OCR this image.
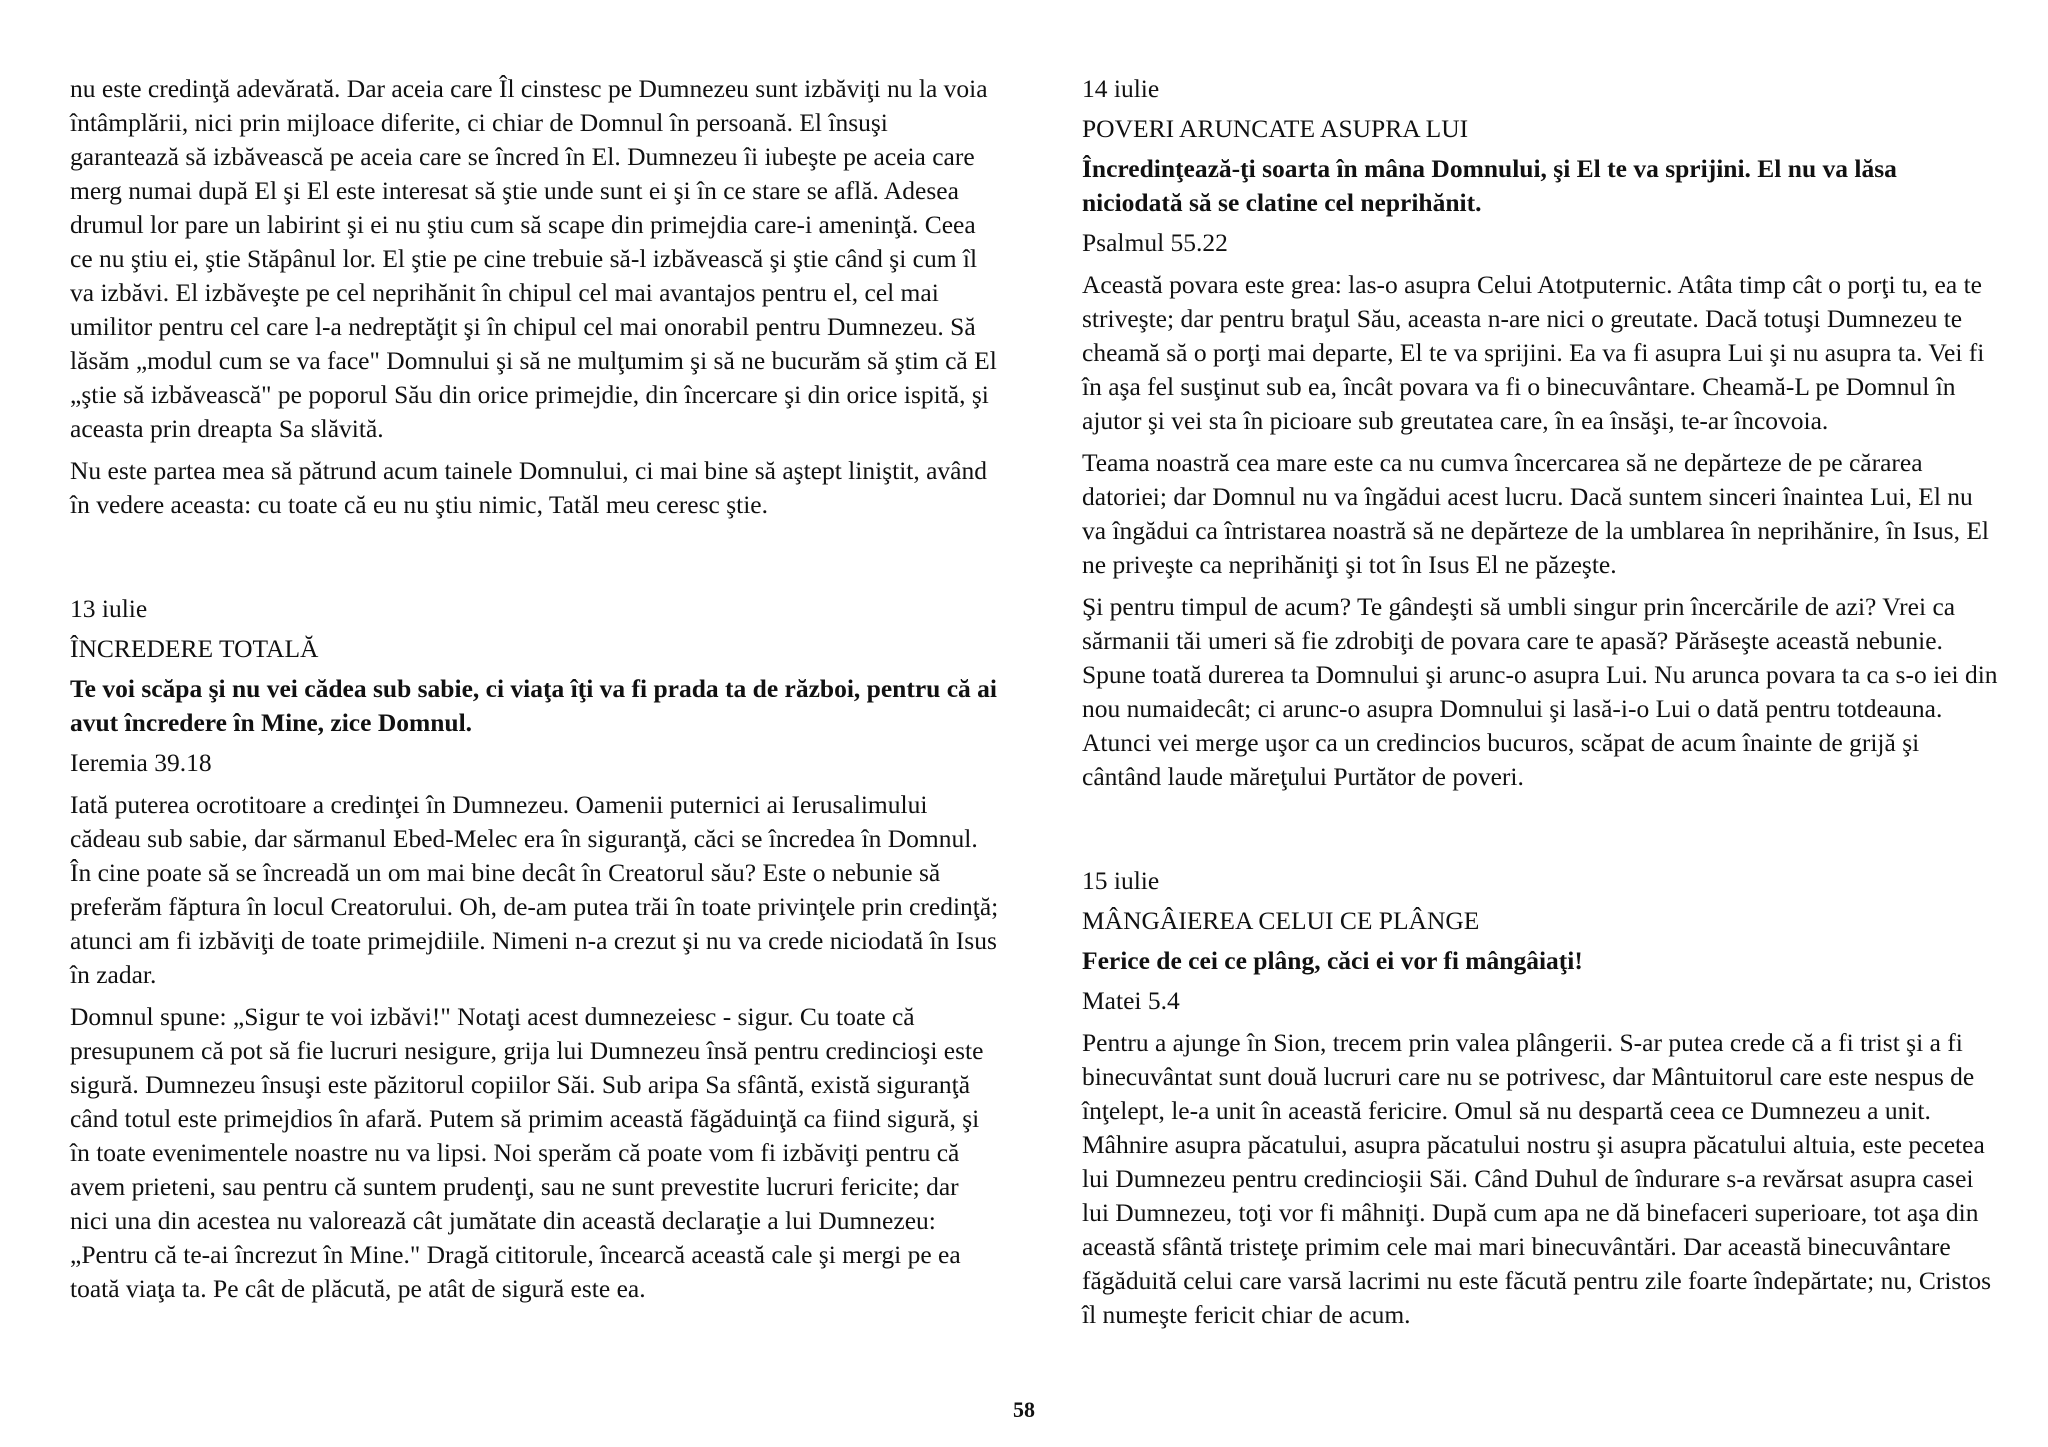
nu este credinţă adevărată. Dar aceia care Îl cinstesc pe Dumnezeu sunt izbăviţi nu la voia întâmplării, nici prin mijloace diferite, ci chiar de Domnul în persoană. El însuşi garantează să izbăvească pe aceia care se încred în El. Dumnezeu îi iubeşte pe aceia care merg numai după El şi El este interesat să ştie unde sunt ei şi în ce stare se află. Adesea drumul lor pare un labirint şi ei nu ştiu cum să scape din primejdia care-i ameninţă. Ceea ce nu ştiu ei, ştie Stăpânul lor. El ştie pe cine trebuie să-l izbăvească şi ştie când şi cum îl va izbăvi. El izbăveşte pe cel neprihănit în chipul cel mai avantajos pentru el, cel mai umilitor pentru cel care l-a nedreptăţit şi în chipul cel mai onorabil pentru Dumnezeu. Să lăsăm „modul cum se va face" Domnului şi să ne mulţumim şi să ne bucurăm să ştim că El „ştie să izbăvească" pe poporul Său din orice primejdie, din încercare şi din orice ispită, şi aceasta prin dreapta Sa slăvită.

Nu este partea mea să pătrund acum tainele Domnului, ci mai bine să aştept liniştit, având în vedere aceasta: cu toate că eu nu ştiu nimic, Tatăl meu ceresc ştie.

13 iulie
ÎNCREDERE TOTALĂ
Te voi scăpa şi nu vei cădea sub sabie, ci viaţa îţi va fi prada ta de război, pentru că ai avut încredere în Mine, zice Domnul.
Ieremia 39.18

Iată puterea ocrotitoare a credinţei în Dumnezeu. Oamenii puternici ai Ierusalimului cădeau sub sabie, dar sărmanul Ebed-Melec era în siguranţă, căci se încredea în Domnul. În cine poate să se încreadă un om mai bine decât în Creatorul său? Este o nebunie să preferăm făptura în locul Creatorului. Oh, de-am putea trăi în toate privinţele prin credinţă; atunci am fi izbăviţi de toate primejdiile. Nimeni n-a crezut şi nu va crede niciodată în Isus în zadar.

Domnul spune: „Sigur te voi izbăvi!" Notaţi acest dumnezeiesc - sigur. Cu toate că presupunem că pot să fie lucruri nesigure, grija lui Dumnezeu însă pentru credincioşi este sigură. Dumnezeu însuşi este păzitorul copiilor Săi. Sub aripa Sa sfântă, există siguranţă când totul este primejdios în afară. Putem să primim această făgăduinţă ca fiind sigură, şi în toate evenimentele noastre nu va lipsi. Noi sperăm că poate vom fi izbăviţi pentru că avem prieteni, sau pentru că suntem prudenţi, sau ne sunt prevestite lucruri fericite; dar nici una din acestea nu valorează cât jumătate din această declaraţie a lui Dumnezeu: „Pentru că te-ai încrezut în Mine." Dragă cititorule, încearcă această cale şi mergi pe ea toată viaţa ta. Pe cât de plăcută, pe atât de sigură este ea.

14 iulie
POVERI ARUNCATE ASUPRA LUI
Încredinţează-ţi soarta în mâna Domnului, şi El te va sprijini. El nu va lăsa niciodată să se clatine cel neprihănit.
Psalmul 55.22

Această povara este grea: las-o asupra Celui Atotputernic. Atâta timp cât o porţi tu, ea te striveşte; dar pentru braţul Său, aceasta n-are nici o greutate. Dacă totuşi Dumnezeu te cheamă să o porţi mai departe, El te va sprijini. Ea va fi asupra Lui şi nu asupra ta. Vei fi în aşa fel susţinut sub ea, încât povara va fi o binecuvântare. Cheamă-L pe Domnul în ajutor şi vei sta în picioare sub greutatea care, în ea însăşi, te-ar încovoia.

Teama noastră cea mare este ca nu cumva încercarea să ne depărteze de pe cărarea datoriei; dar Domnul nu va îngădui acest lucru. Dacă suntem sinceri înaintea Lui, El nu va îngădui ca întristarea noastră să ne depărteze de la umblarea în neprihănire, în Isus, El ne priveşte ca neprihăniţi şi tot în Isus El ne păzeşte.

Şi pentru timpul de acum? Te gândeşti să umbli singur prin încercările de azi? Vrei ca sărmanii tăi umeri să fie zdrobiţi de povara care te apasă? Părăseşte această nebunie. Spune toată durerea ta Domnului şi arunc-o asupra Lui. Nu arunca povara ta ca s-o iei din nou numaidecât; ci arunc-o asupra Domnului şi lasă-i-o Lui o dată pentru totdeauna. Atunci vei merge uşor ca un credincios bucuros, scăpat de acum înainte de grijă şi cântând laude măreţului Purtător de poveri.

15 iulie
MÂNGÂIEREA CELUI CE PLÂNGE
Ferice de cei ce plâng, căci ei vor fi mângâiaţi!
Matei 5.4

Pentru a ajunge în Sion, trecem prin valea plângerii. S-ar putea crede că a fi trist şi a fi binecuvântat sunt două lucruri care nu se potrivesc, dar Mântuitorul care este nespus de înţelept, le-a unit în această fericire. Omul să nu despartă ceea ce Dumnezeu a unit. Mâhnire asupra păcatului, asupra păcatului nostru şi asupra păcatului altuia, este pecetea lui Dumnezeu pentru credincioşii Săi. Când Duhul de îndurare s-a revărsat asupra casei lui Dumnezeu, toţi vor fi mâhniţi. După cum apa ne dă binefaceri superioare, tot aşa din această sfântă tristeţe primim cele mai mari binecuvântări. Dar această binecuvântare făgăduită celui care varsă lacrimi nu este făcută pentru zile foarte îndepărtate; nu, Cristos îl numeşte fericit chiar de acum.

58
